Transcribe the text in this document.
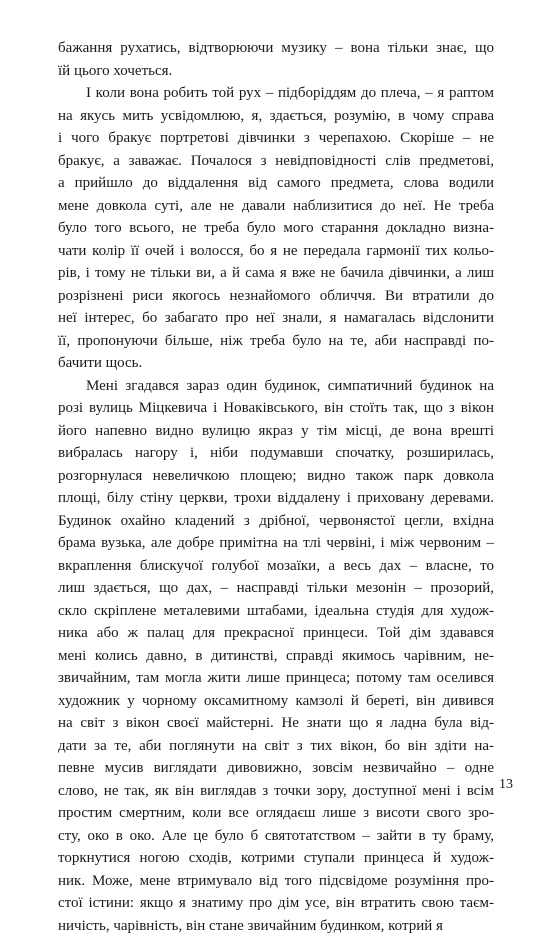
бажання рухатись, відтворюючи музику – вона тільки знає, що
їй цього хочеться.
І коли вона робить той рух – підборіддям до плеча, – я раптом
на якусь мить усвідомлюю, я, здається, розумію, в чому справа
і чого бракує портретові дівчинки з черепахою. Скоріше – не
бракує, а заважає. Почалося з невідповідності слів предметові,
а прийшло до віддалення від самого предмета, слова водили
мене довкола суті, але не давали наблизитися до неї. Не треба
було того всього, не треба було мого старання докладно визна-
чати колір її очей і волосся, бо я не передала гармонії тих кольо-
рів, і тому не тільки ви, а й сама я вже не бачила дівчинки, а лиш
розрізнені риси якогось незнайомого обличчя. Ви втратили до
неї інтерес, бо забагато про неї знали, я намагалась відслонити
її, пропонуючи більше, ніж треба було на те, аби насправді по-
бачити щось.
Мені згадався зараз один будинок, симпатичний будинок на
розі вулиць Міцкевича і Новаківського, він стоїть так, що з вікон
його напевно видно вулицю якраз у тім місці, де вона врешті
вибралась нагору і, ніби подумавши спочатку, розширилась,
розгорнулася невеличкою площею; видно також парк довкола
площі, білу стіну церкви, трохи віддалену і приховану деревами.
Будинок охайно кладений з дрібної, червонястої цегли, вхідна
брама вузька, але добре примітна на тлі червіні, і між червоним –
вкраплення блискучої голубої мозаїки, а весь дах – власне, то
лиш здається, що дах, – насправді тільки мезонін – прозорий,
скло скріплене металевими штабами, ідеальна студія для худож-
ника або ж палац для прекрасної принцеси. Той дім здавався
мені колись давно, в дитинстві, справді якимось чарівним, не-
звичайним, там могла жити лише принцеса; потому там оселився
художник у чорному оксамитному камзолі й береті, він дивився
на світ з вікон своєї майстерні. Не знати що я ладна була від-
дати за те, аби поглянути на світ з тих вікон, бо він здіти на-
певне мусив виглядати дивовижно, зовсім незвичайно – одне
слово, не так, як він виглядав з точки зору, доступної мені і всім
простим смертним, коли все оглядаєш лише з висоти свого зро-
сту, око в око. Але це було б святотатством – зайти в ту браму,
торкнутися ногою сходів, котрими ступали принцеса й худож-
ник. Може, мене втримувало від того підсвідоме розуміння про-
стої істини: якщо я знатиму про дім усе, він втратить свою таєм-
ничість, чарівність, він стане звичайним будинком, котрий я
13
